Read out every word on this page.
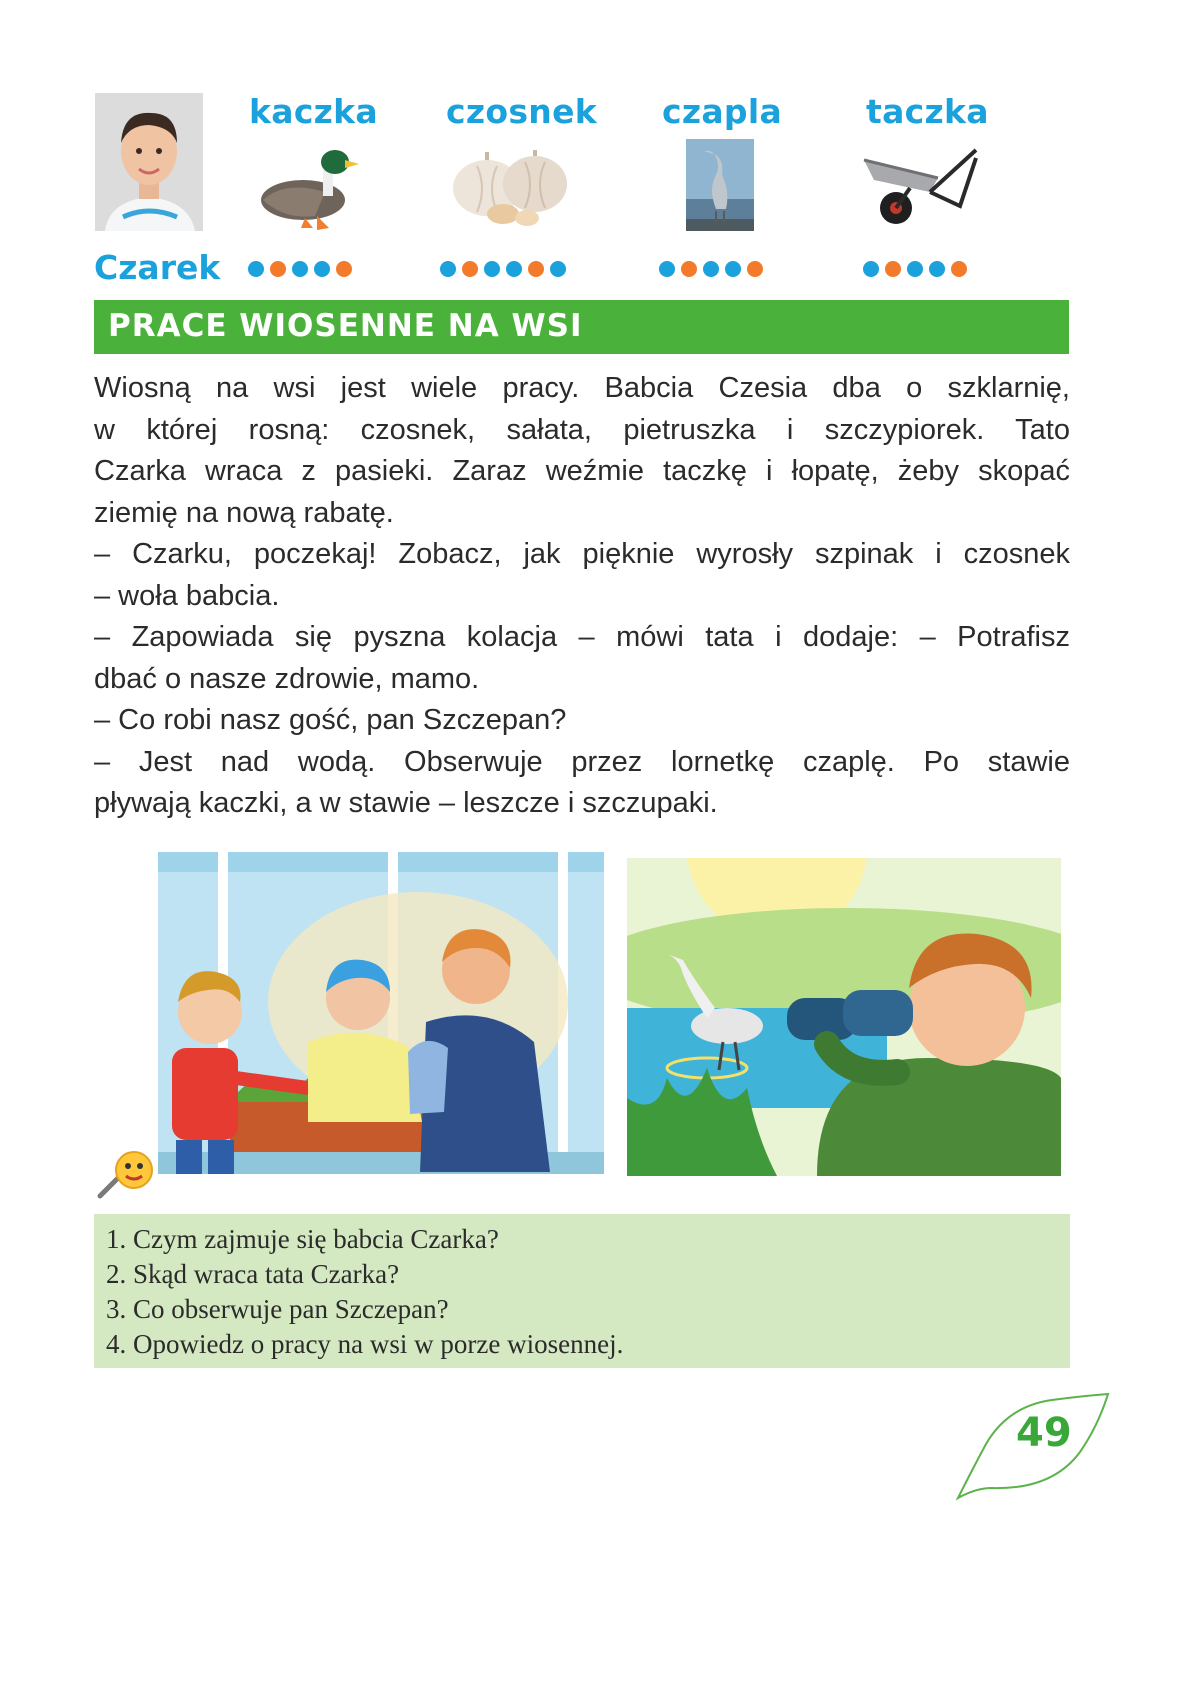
kaczka czosnek czapla	taczka
Czarek
PRACE WIOSENNE NA WSI

Wiosną na wsi jest wiele pracy. Babcia Czesia dba o szklarnię,

w której rosną: czosnek, sałata, pietruszka i szczypiorek. Tato

Czarka wraca z pasieki. Zaraz weźmie taczkę i łopatę, żeby skopać

ziemię na nową rabatę.

– Czarku, poczekaj! Zobacz, jak pięknie wyrosły szpinak i czosnek

– woła babcia.

– Zapowiada się pyszna kolacja – mówi tata i dodaje: – Potrafisz

dbać o nasze zdrowie, mamo.

– Co robi nasz gość, pan Szczepan?

– Jest nad wodą. Obserwuje przez lornetkę czaplę. Po stawie

pływają kaczki, a w stawie – leszcze i szczupaki.

1. Czym zajmuje się babcia Czarka?
2. Skąd wraca tata Czarka?
3. Co obserwuje pan Szczepan?
4. Opowiedz o pracy na wsi w porze wiosennej.
49
